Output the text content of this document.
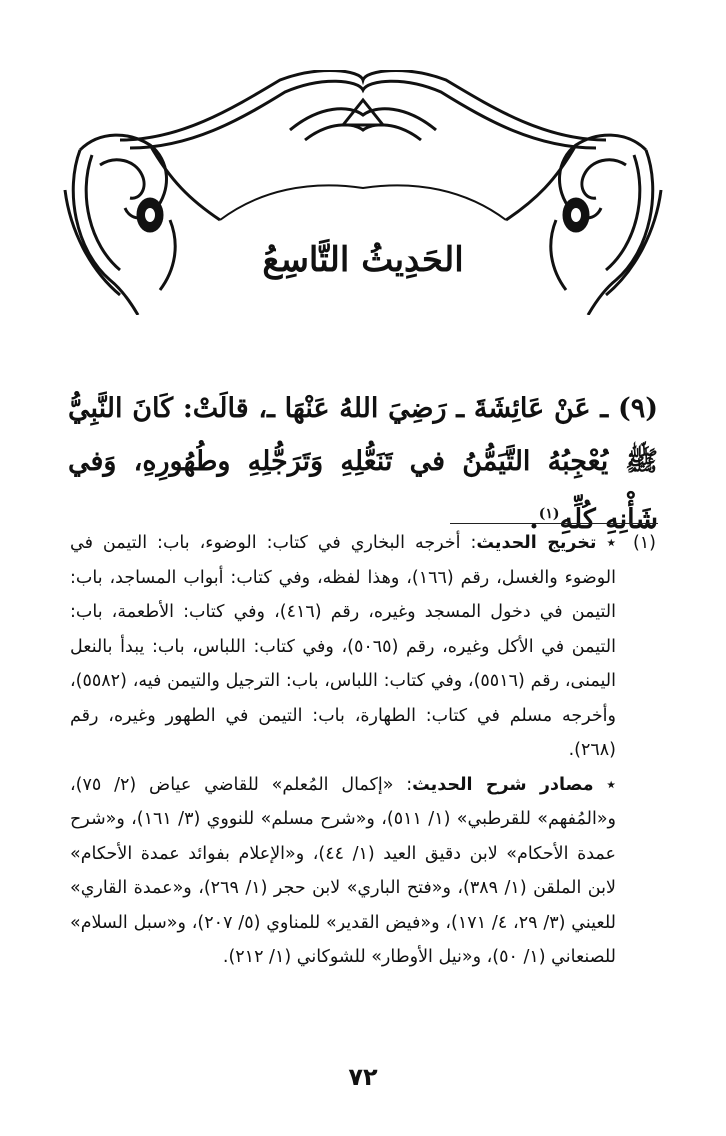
الحَدِيثُ التَّاسِعُ
(٩) ـ عَنْ عَائِشَةَ ـ رَضِيَ اللهُ عَنْهَا ـ، قالَتْ: كَانَ النَّبِيُّ ﷺ يُعْجِبُهُ التَّيَمُّنُ في تَنَعُّلِهِ وَتَرَجُّلِهِ وطُهُورِهِ، وَفي شَأْنِهِ كُلِّهِ$^{(١)}$.
(١)
٭ تخريج الحديث: أخرجه البخاري في كتاب: الوضوء، باب: التيمن في الوضوء والغسل، رقم (١٦٦)، وهذا لفظه، وفي كتاب: أبواب المساجد، باب: التيمن في دخول المسجد وغيره، رقم (٤١٦)، وفي كتاب: الأطعمة، باب: التيمن في الأكل وغيره، رقم (٥٠٦٥)، وفي كتاب: اللباس، باب: يبدأ بالنعل اليمنى، رقم (٥٥١٦)، وفي كتاب: اللباس، باب: الترجيل والتيمن فيه، (٥٥٨٢)، وأخرجه مسلم في كتاب: الطهارة، باب: التيمن في الطهور وغيره، رقم (٢٦٨).
٭ مصادر شرح الحديث: «إكمال المُعلم» للقاضي عياض (٢/ ٧٥)، و«المُفهم» للقرطبي» (١/ ٥١١)، و«شرح مسلم» للنووي (٣/ ١٦١)، و«شرح عمدة الأحكام» لابن دقيق العيد (١/ ٤٤)، و«الإعلام بفوائد عمدة الأحكام» لابن الملقن (١/ ٣٨٩)، و«فتح الباري» لابن حجر (١/ ٢٦٩)، و«عمدة القاري» للعيني (٣/ ٢٩، ٤/ ١٧١)، و«فيض القدير» للمناوي (٥/ ٢٠٧)، و«سبل السلام» للصنعاني (١/ ٥٠)، و«نيل الأوطار» للشوكاني (١/ ٢١٢).
٧٢
